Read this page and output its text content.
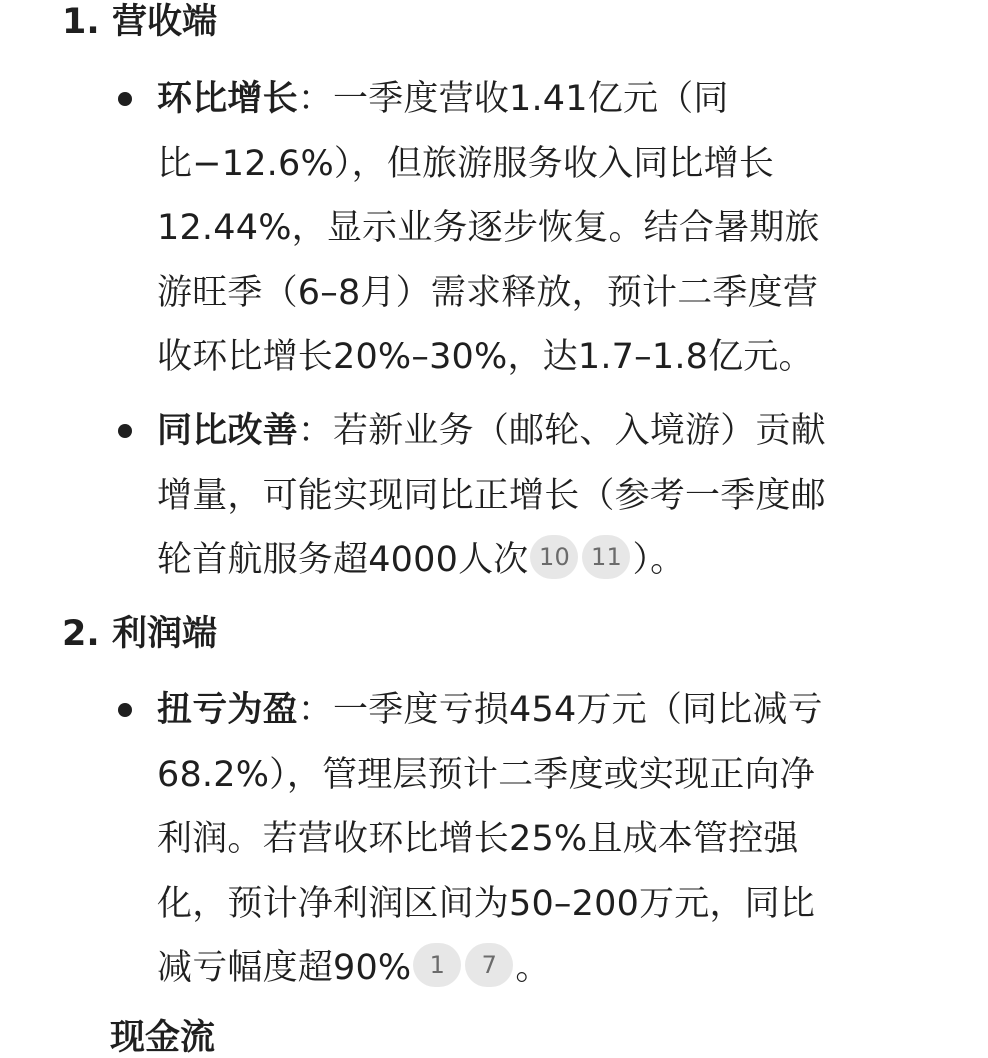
1. 营收端
环比增长：一季度营收1.41亿元（同
比−12.6%），但旅游服务收入同比增长
12.44%，显示业务逐步恢复。结合暑期旅
游旺季（6–8月）需求释放，预计二季度营
收环比增长20%–30%，达1.7–1.8亿元。
同比改善：若新业务（邮轮、入境游）贡献
增量，可能实现同比正增长（参考一季度邮
轮首航服务超4000人次 10 11 ）。
2. 利润端
扭亏为盈：一季度亏损454万元（同比减亏
68.2%），管理层预计二季度或实现正向净
利润。若营收环比增长25%且成本管控强
化，预计净利润区间为50–200万元，同比
减亏幅度超90% 1 7 。
现金流
